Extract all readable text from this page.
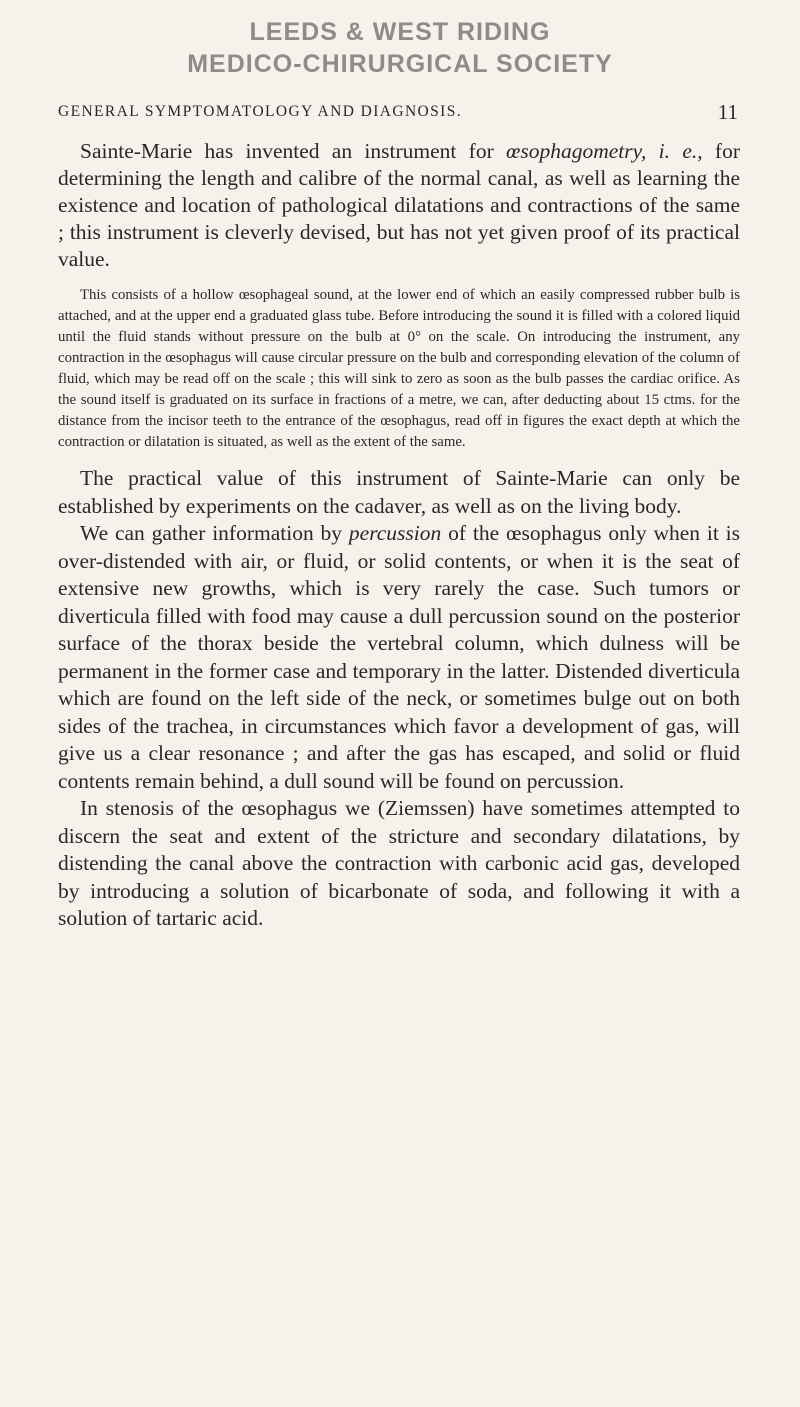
LEEDS & WEST RIDING
MEDICO-CHIRURGICAL SOCIETY
GENERAL SYMPTOMATOLOGY AND DIAGNOSIS.	11

Sainte-Marie has invented an instrument for œsophagometry, i. e., for determining the length and calibre of the normal canal, as well as learning the existence and location of pathological dilatations and contractions of the same ; this instrument is cleverly devised, but has not yet given proof of its practical value.

This consists of a hollow œsophageal sound, at the lower end of which an easily compressed rubber bulb is attached, and at the upper end a graduated glass tube. Before introducing the sound it is filled with a colored liquid until the fluid stands without pressure on the bulb at 0° on the scale. On introducing the instrument, any contraction in the œsophagus will cause circular pressure on the bulb and corresponding elevation of the column of fluid, which may be read off on the scale ; this will sink to zero as soon as the bulb passes the cardiac orifice. As the sound itself is graduated on its surface in fractions of a metre, we can, after deducting about 15 ctms. for the distance from the incisor teeth to the entrance of the œsophagus, read off in figures the exact depth at which the contraction or dilatation is situated, as well as the extent of the same.

The practical value of this instrument of Sainte-Marie can only be established by experiments on the cadaver, as well as on the living body.

We can gather information by percussion of the œsophagus only when it is over-distended with air, or fluid, or solid contents, or when it is the seat of extensive new growths, which is very rarely the case. Such tumors or diverticula filled with food may cause a dull percussion sound on the posterior surface of the thorax beside the vertebral column, which dulness will be permanent in the former case and temporary in the latter. Distended diverticula which are found on the left side of the neck, or sometimes bulge out on both sides of the trachea, in circumstances which favor a development of gas, will give us a clear resonance ; and after the gas has escaped, and solid or fluid contents remain behind, a dull sound will be found on percussion.

In stenosis of the œsophagus we (Ziemssen) have sometimes attempted to discern the seat and extent of the stricture and secondary dilatations, by distending the canal above the contraction with carbonic acid gas, developed by introducing a solution of bicarbonate of soda, and following it with a solution of tartaric acid.
